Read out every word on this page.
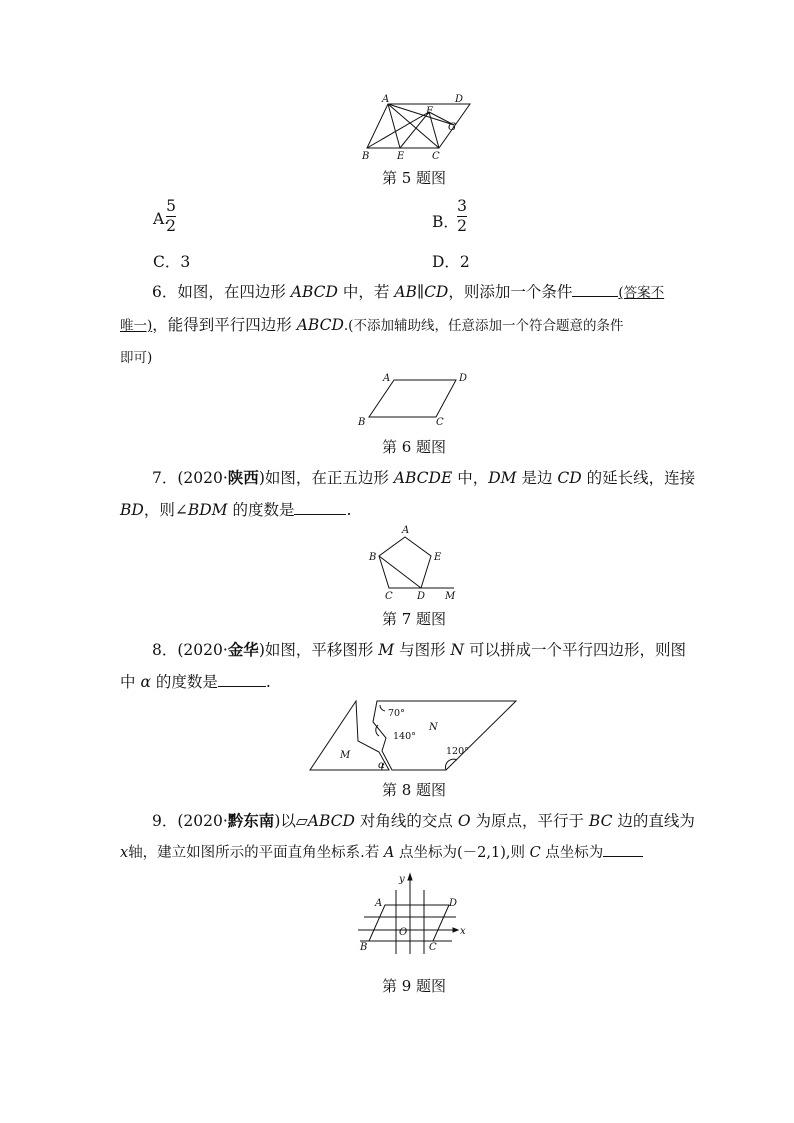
A	D
F
G
B	E	C
第 5 题图
A.
5
2	B．
3
2
C．3	D．2
6．如图，在四边形 ABCD 中，若 AB∥CD，则添加一个条件	(答案不
唯一)，能得到平行四边形 ABCD.(不添加辅助线，任意添加一个符合题意的条件
即可)
A	D
B	C
第 6 题图
7．(2020·陕西)如图，在正五边形 ABCDE 中，DM 是边 CD 的延长线，连接
BD，则∠BDM 的度数是	.
A
B	E
C D M
第 7 题图
8．(2020·金华)如图，平移图形 M 与图形 N 可以拼成一个平行四边形，则图
中 α 的度数是	.
70°
140°
120°
M
N
α
第 8 题图
9．(2020·黔东南)以▱ABCD 对角线的交点 O 为原点，平行于 BC 边的直线为
x轴，建立如图所示的平面直角坐标系.若 A 点坐标为(－2,1),则 C 点坐标为
y
x
A	D
O
B	C
第 9 题图
